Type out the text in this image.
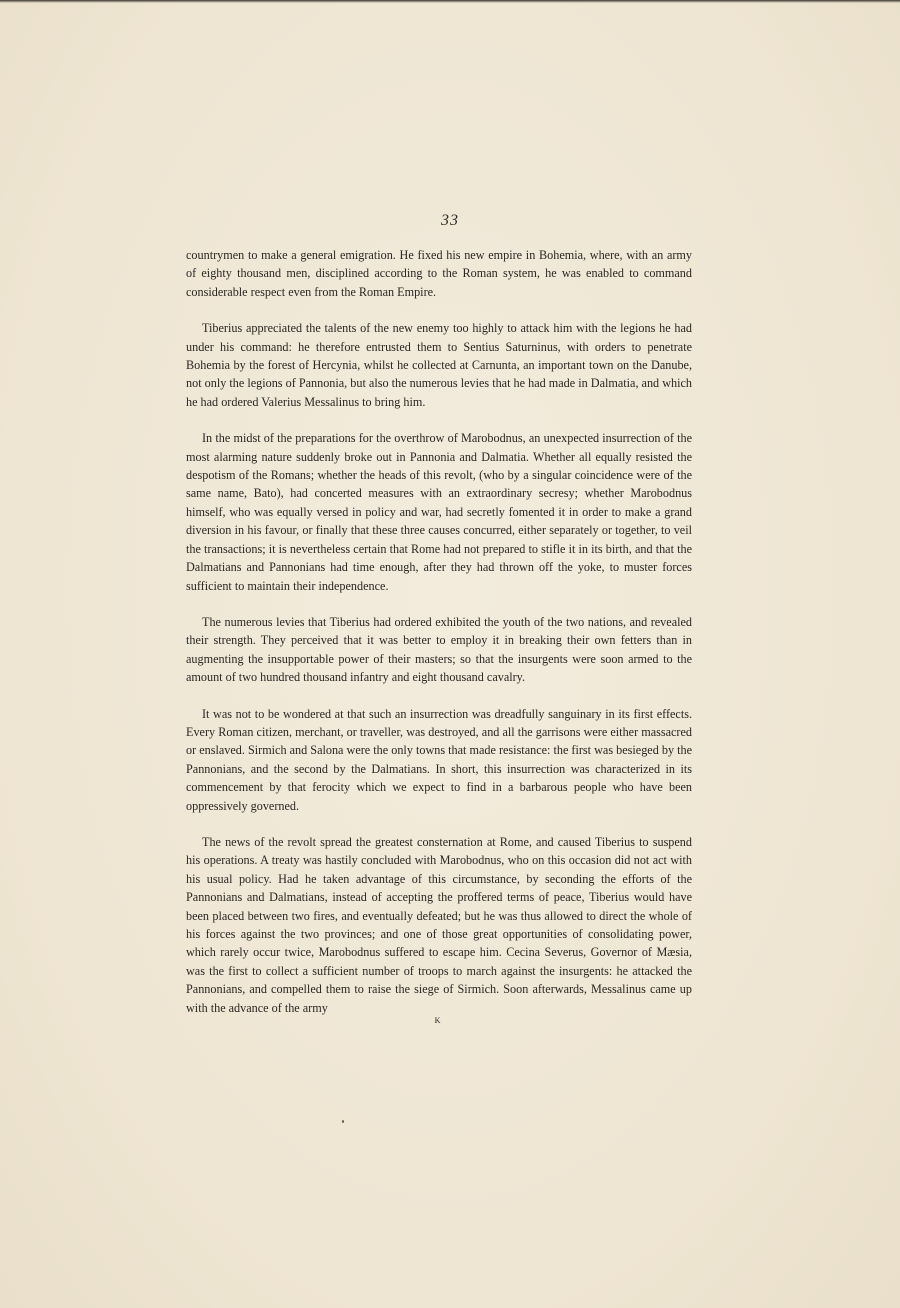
33

countrymen to make a general emigration. He fixed his new empire in Bohemia, where, with an army of eighty thousand men, disciplined according to the Roman system, he was enabled to command considerable respect even from the Roman Empire.

Tiberius appreciated the talents of the new enemy too highly to attack him with the legions he had under his command: he therefore entrusted them to Sentius Saturninus, with orders to penetrate Bohemia by the forest of Hercynia, whilst he collected at Carnunta, an important town on the Danube, not only the legions of Pannonia, but also the numerous levies that he had made in Dalmatia, and which he had ordered Valerius Messalinus to bring him.

In the midst of the preparations for the overthrow of Marobodnus, an unexpected insurrection of the most alarming nature suddenly broke out in Pannonia and Dalmatia. Whether all equally resisted the despotism of the Romans; whether the heads of this revolt, (who by a singular coincidence were of the same name, Bato), had concerted measures with an extraordinary secresy; whether Marobodnus himself, who was equally versed in policy and war, had secretly fomented it in order to make a grand diversion in his favour, or finally that these three causes concurred, either separately or together, to veil the transactions; it is nevertheless certain that Rome had not prepared to stifle it in its birth, and that the Dalmatians and Pannonians had time enough, after they had thrown off the yoke, to muster forces sufficient to maintain their independence.

The numerous levies that Tiberius had ordered exhibited the youth of the two nations, and revealed their strength. They perceived that it was better to employ it in breaking their own fetters than in augmenting the insupportable power of their masters; so that the insurgents were soon armed to the amount of two hundred thousand infantry and eight thousand cavalry.

It was not to be wondered at that such an insurrection was dreadfully sanguinary in its first effects. Every Roman citizen, merchant, or traveller, was destroyed, and all the garrisons were either massacred or enslaved. Sirmich and Salona were the only towns that made resistance: the first was besieged by the Pannonians, and the second by the Dalmatians. In short, this insurrection was characterized in its commencement by that ferocity which we expect to find in a barbarous people who have been oppressively governed.

The news of the revolt spread the greatest consternation at Rome, and caused Tiberius to suspend his operations. A treaty was hastily concluded with Marobodnus, who on this occasion did not act with his usual policy. Had he taken advantage of this circumstance, by seconding the efforts of the Pannonians and Dalmatians, instead of accepting the proffered terms of peace, Tiberius would have been placed between two fires, and eventually defeated; but he was thus allowed to direct the whole of his forces against the two provinces; and one of those great opportunities of consolidating power, which rarely occur twice, Marobodnus suffered to escape him. Cecina Severus, Governor of Mæsia, was the first to collect a sufficient number of troops to march against the insurgents: he attacked the Pannonians, and compelled them to raise the siege of Sirmich. Soon afterwards, Messalinus came up with the advance of the army

K
